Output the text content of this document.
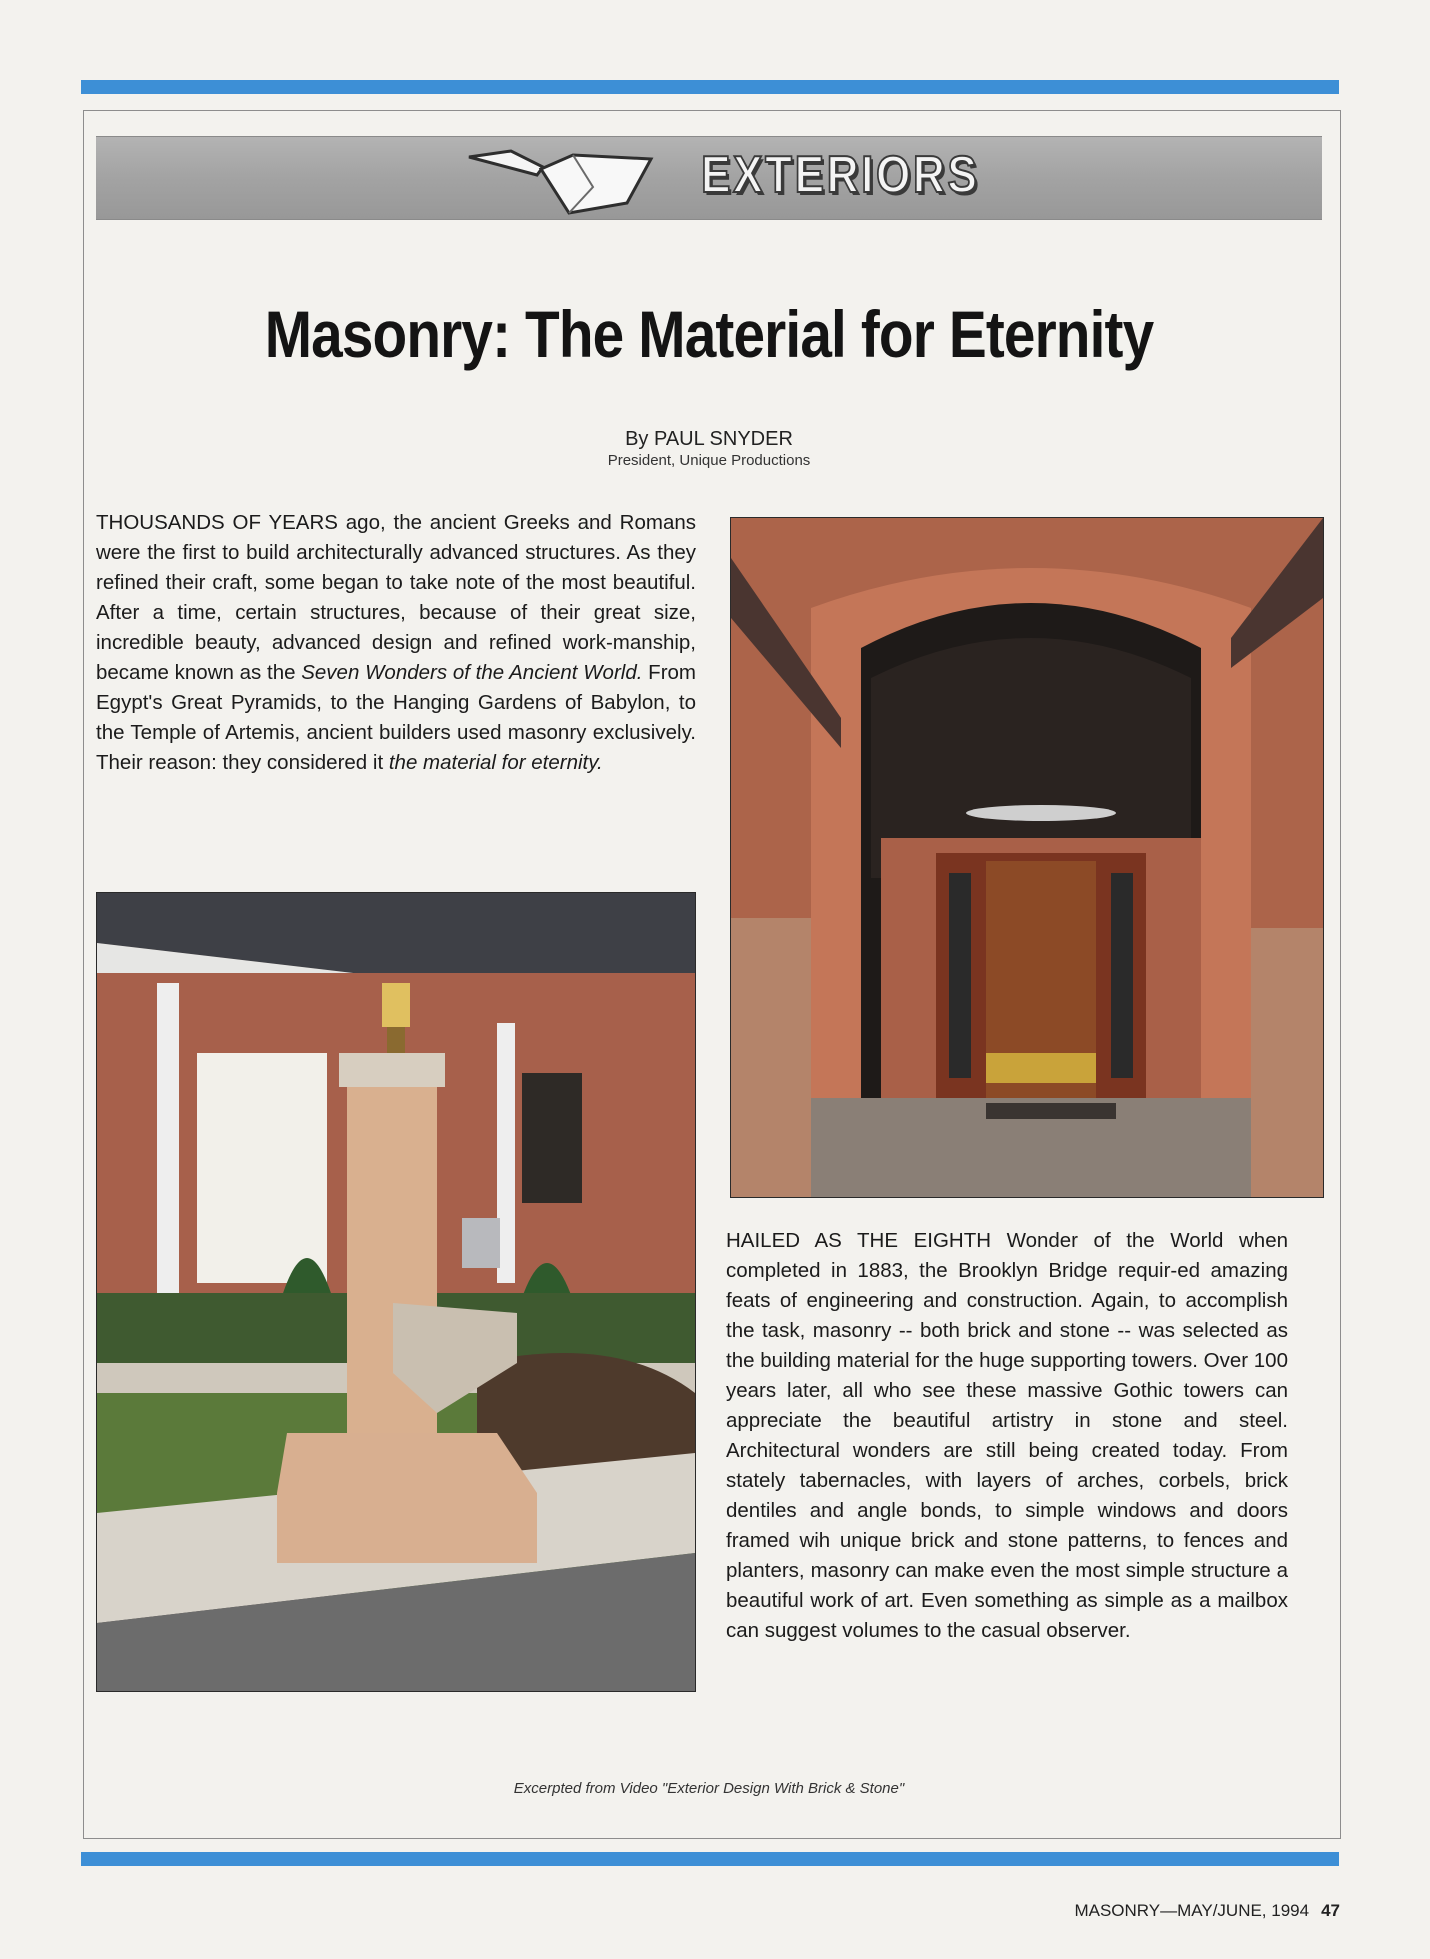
EXTERIORS
Masonry: The Material for Eternity
By PAUL SNYDER
President, Unique Productions
THOUSANDS OF YEARS ago, the ancient Greeks and Romans were the first to build architecturally advanced structures. As they refined their craft, some began to take note of the most beautiful. After a time, certain structures, because of their great size, incredible beauty, advanced design and refined work-manship, became known as the Seven Wonders of the Ancient World. From Egypt's Great Pyramids, to the Hanging Gardens of Babylon, to the Temple of Artemis, ancient builders used masonry exclusively. Their reason: they considered it the material for eternity.
HAILED AS THE EIGHTH Wonder of the World when completed in 1883, the Brooklyn Bridge requir-ed amazing feats of engineering and construction. Again, to accomplish the task, masonry -- both brick and stone -- was selected as the building material for the huge supporting towers. Over 100 years later, all who see these massive Gothic towers can appreciate the beautiful artistry in stone and steel. Architectural wonders are still being created today. From stately tabernacles, with layers of arches, corbels, brick dentiles and angle bonds, to simple windows and doors framed wih unique brick and stone patterns, to fences and planters, masonry can make even the most simple structure a beautiful work of art. Even something as simple as a mailbox can suggest volumes to the casual observer.
Excerpted from Video "Exterior Design With Brick & Stone"
MASONRY—MAY/JUNE, 1994 47
